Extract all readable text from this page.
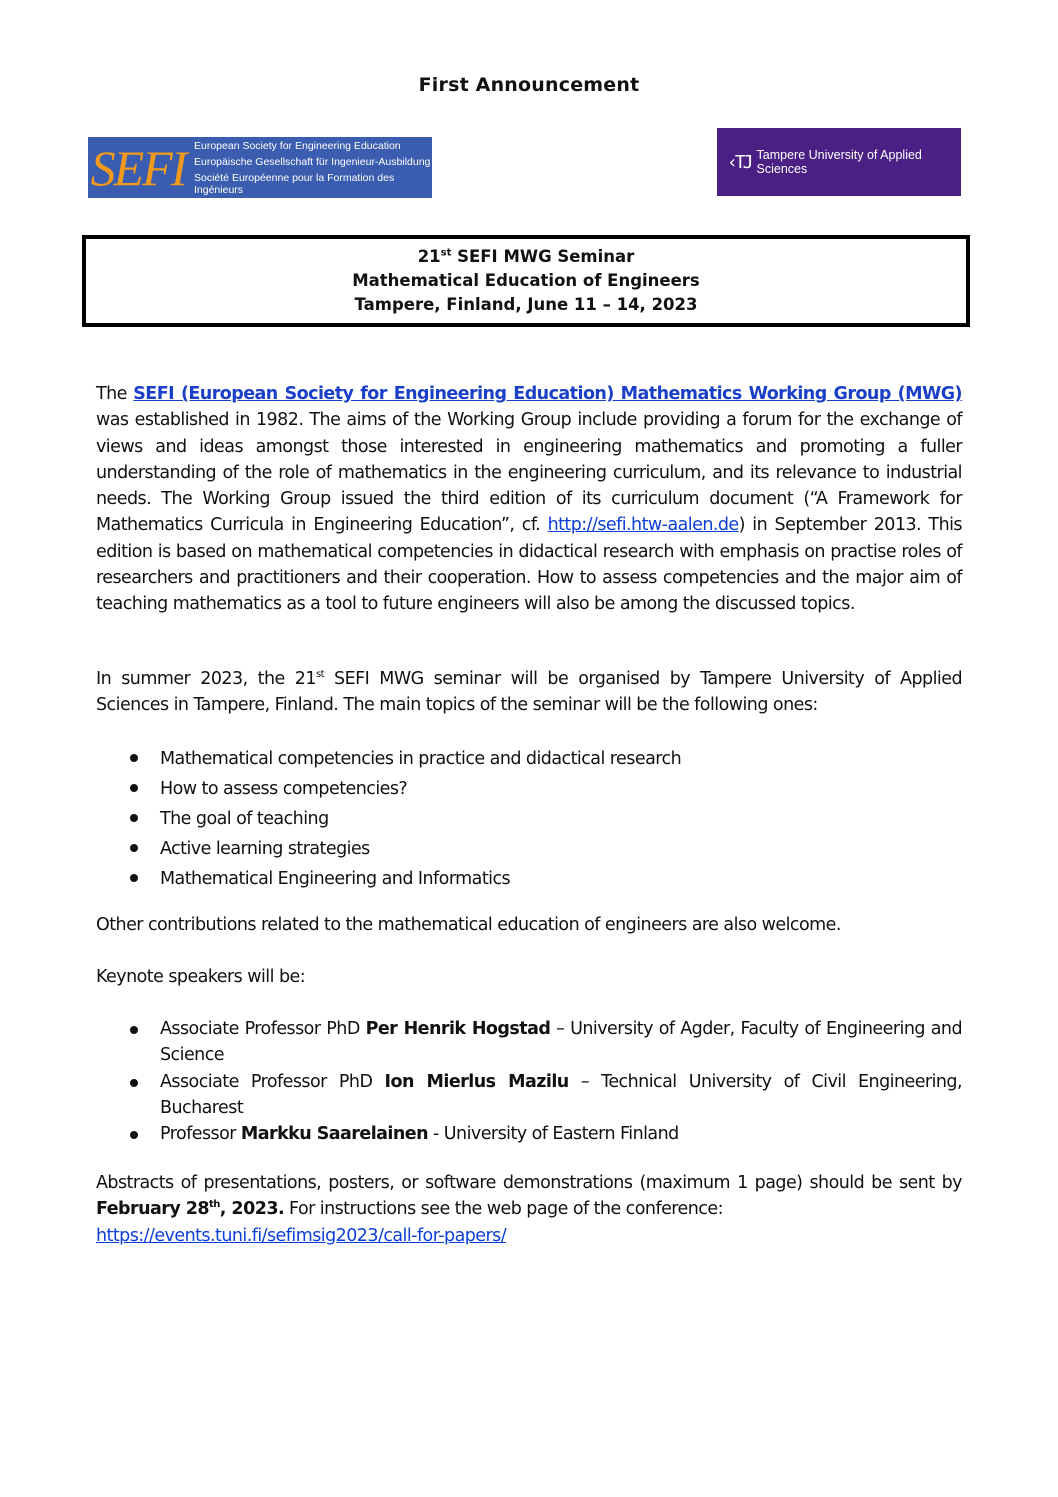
First Announcement
SEFI European Society for Engineering Education
Europäische Gesellschaft für Ingenieur-Ausbildung
Société Européenne pour la Formation des Ingénieurs
‹TJ Tampere University of Applied Sciences
21st SEFI MWG Seminar
Mathematical Education of Engineers
Tampere, Finland, June 11 – 14, 2023

The SEFI (European Society for Engineering Education) Mathematics Working Group (MWG) was established in 1982. The aims of the Working Group include providing a forum for the exchange of views and ideas amongst those interested in engineering mathematics and promoting a fuller understanding of the role of mathematics in the engineering curriculum, and its relevance to industrial needs. The Working Group issued the third edition of its curriculum document (“A Framework for Mathematics Curricula in Engineering Education”, cf. http://sefi.htw-aalen.de) in September 2013. This edition is based on mathematical competencies in didactical research with emphasis on practise roles of researchers and practitioners and their cooperation. How to assess competencies and the major aim of teaching mathematics as a tool to future engineers will also be among the discussed topics.

In summer 2023, the 21st SEFI MWG seminar will be organised by Tampere University of Applied Sciences in Tampere, Finland. The main topics of the seminar will be the following ones:

Mathematical competencies in practice and didactical research
How to assess competencies?
The goal of teaching
Active learning strategies
Mathematical Engineering and Informatics
Other contributions related to the mathematical education of engineers are also welcome.
Keynote speakers will be:
Associate Professor PhD Per Henrik Hogstad – University of Agder, Faculty of Engineering and Science
Associate Professor PhD Ion Mierlus Mazilu – Technical University of Civil Engineering, Bucharest
Professor Markku Saarelainen - University of Eastern Finland

Abstracts of presentations, posters, or software demonstrations (maximum 1 page) should be sent by February 28th, 2023. For instructions see the web page of the conference:
https://events.tuni.fi/sefimsig2023/call-for-papers/
